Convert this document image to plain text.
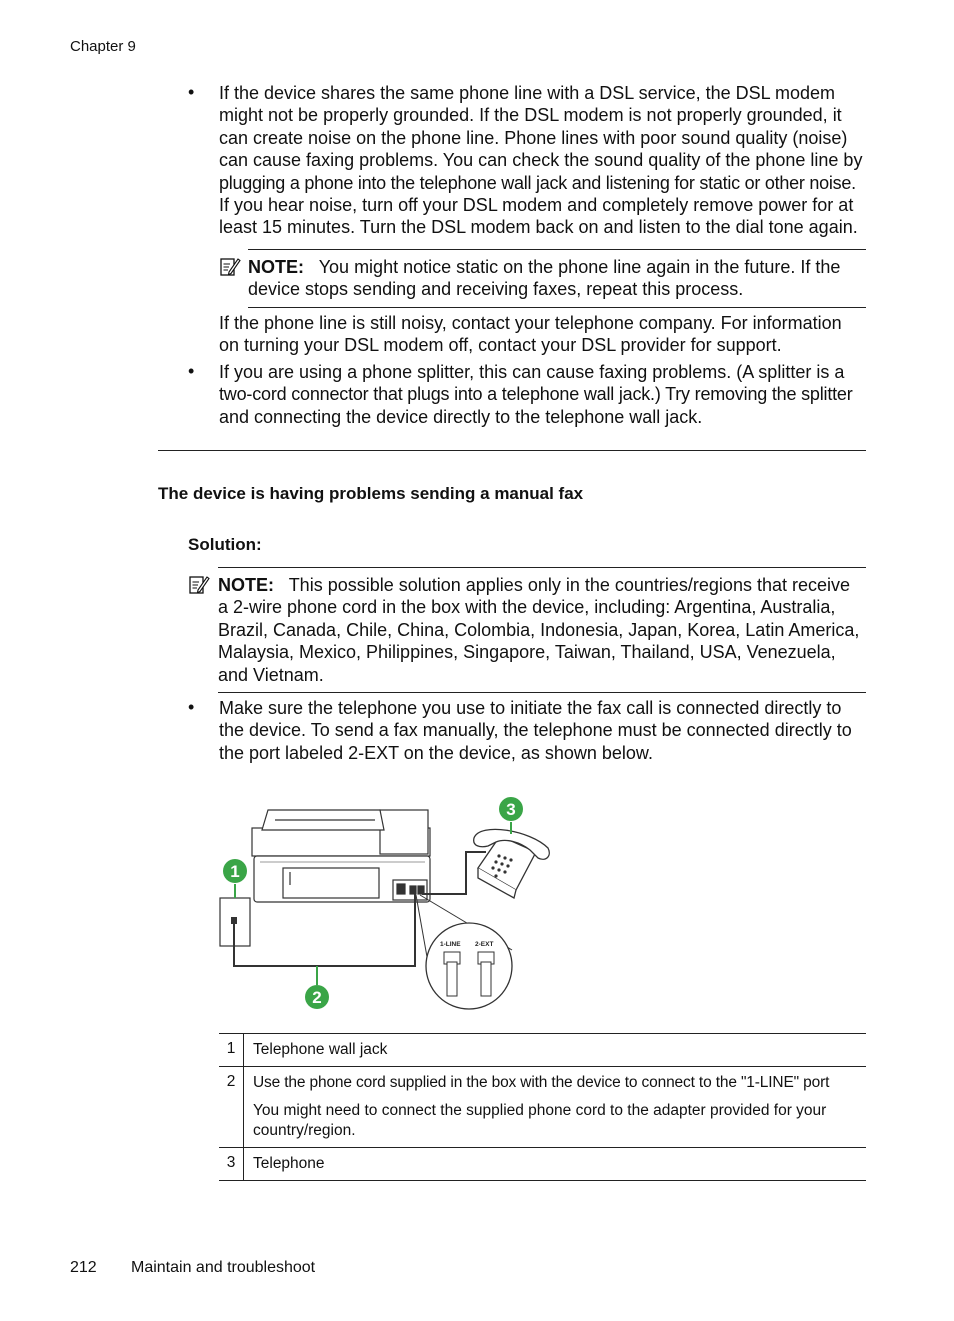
Chapter 9
• If the device shares the same phone line with a DSL service, the DSL modem
might not be properly grounded. If the DSL modem is not properly grounded, it
can create noise on the phone line. Phone lines with poor sound quality (noise)
can cause faxing problems. You can check the sound quality of the phone line by
plugging a phone into the telephone wall jack and listening for static or other noise.
If you hear noise, turn off your DSL modem and completely remove power for at
least 15 minutes. Turn the DSL modem back on and listen to the dial tone again.
NOTE: You might notice static on the phone line again in the future. If the
device stops sending and receiving faxes, repeat this process.
If the phone line is still noisy, contact your telephone company. For information
on turning your DSL modem off, contact your DSL provider for support.
• If you are using a phone splitter, this can cause faxing problems. (A splitter is a
two-cord connector that plugs into a telephone wall jack.) Try removing the splitter
and connecting the device directly to the telephone wall jack.
The device is having problems sending a manual fax
Solution:
NOTE: This possible solution applies only in the countries/regions that receive
a 2-wire phone cord in the box with the device, including: Argentina, Australia,
Brazil, Canada, Chile, China, Colombia, Indonesia, Japan, Korea, Latin America,
Malaysia, Mexico, Philippines, Singapore, Taiwan, Thailand, USA, Venezuela,
and Vietnam.
• Make sure the telephone you use to initiate the fax call is connected directly to
the device. To send a fax manually, the telephone must be connected directly to
the port labeled 2-EXT on the device, as shown below.
1-LINE 2-EXT
1
2
3
1	Telephone wall jack

2	Use the phone cord supplied in the box with the device to connect to the "1-LINE" port

You might need to connect the supplied phone cord to the adapter provided for your country/region.

3	Telephone

212 Maintain and troubleshoot
